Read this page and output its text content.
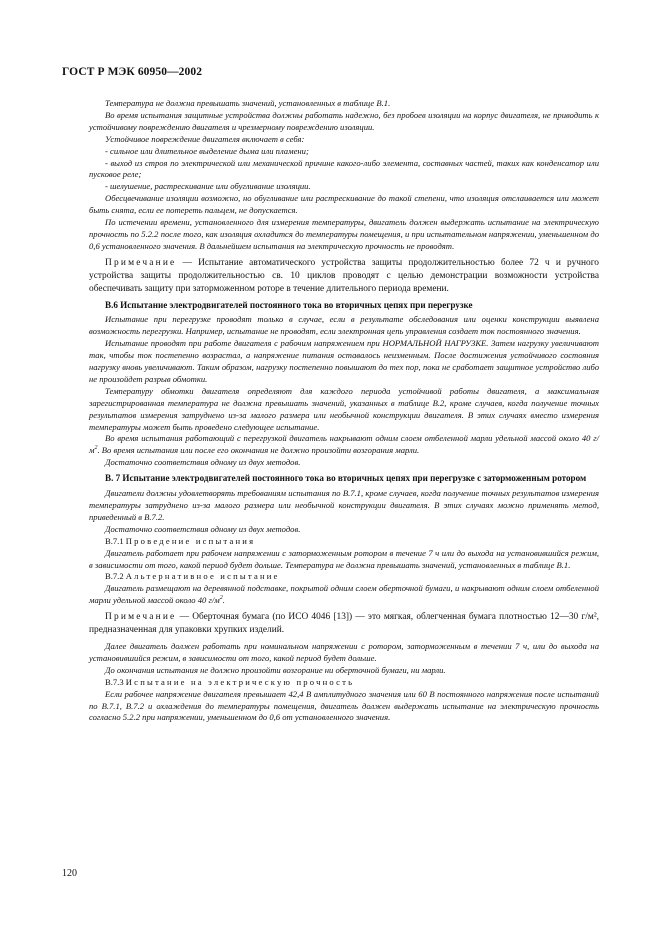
ГОСТ Р МЭК 60950—2002

Температура не должна превышать значений, установленных в таблице В.1.

Во время испытания защитные устройства должны работать надежно, без пробоев изоляции на корпус двигателя, не приводить к устойчивому повреждению двигателя и чрезмерному повреждению изоляции.

Устойчивое повреждение двигателя включает в себя:

- сильное или длительное выделение дыма или пламени;

- выход из строя по электрической или механической причине какого-либо элемента, составных частей, таких как конденсатор или пусковое реле;

- шелушение, растрескивание или обугливание изоляции.

Обесцвечивание изоляции возможно, но обугливание или растрескивание до такой степени, что изоляция отслаивается или может быть снята, если ее потереть пальцем, не допускается.

По истечении времени, установленного для измерения температуры, двигатель должен выдержать испытание на электрическую прочность по 5.2.2 после того, как изоляция охладится до температуры помещения, и при испытательном напряжении, уменьшенном до 0,6 установленного значения. В дальнейшем испытания на электрическую прочность не проводят.

Примечание — Испытание автоматического устройства защиты продолжительностью более 72 ч и ручного устройства защиты продолжительностью св. 10 циклов проводят с целью демонстрации возможности устройства обеспечивать защиту при заторможенном роторе в течение длительного периода времени.

В.6 Испытание электродвигателей постоянного тока во вторичных цепях при перегрузке

Испытание при перегрузке проводят только в случае, если в результате обследования или оценки конструкции выявлена возможность перегрузки. Например, испытание не проводят, если электронная цепь управления создает ток постоянного значения.

Испытание проводят при работе двигателя с рабочим напряжением при НОРМАЛЬНОЙ НАГРУЗКЕ. Затем нагрузку увеличивают так, чтобы ток постепенно возрастал, а напряжение питания оставалось неизменным. После достижения устойчивого состояния нагрузку вновь увеличивают. Таким образом, нагрузку постепенно повышают до тех пор, пока не сработает защитное устройство либо не произойдет разрыв обмотки.

Температуру обмотки двигателя определяют для каждого периода устойчивой работы двигателя, а максимальная зарегистрированная температура не должна превышать значений, указанных в таблице В.2, кроме случаев, когда получение точных результатов измерения затруднено из-за малого размера или необычной конструкции двигателя. В этих случаях вместо измерения температуры может быть проведено следующее испытание.

Во время испытания работающий с перегрузкой двигатель накрывают одним слоем отбеленной марли удельной массой около 40 $г/м^2$. Во время испытания или после его окончания не должно произойти возгорания марли.

Достаточно соответствия одному из двух методов.

В. 7 Испытание электродвигателей постоянного тока во вторичных цепях при перегрузке с заторможенным ротором

Двигатели должны удовлетворять требованиям испытания по В.7.1, кроме случаев, когда получение точных результатов измерения температуры затруднено из-за малого размера или необычной конструкции двигателя. В этих случаях можно применять метод, приведенный в В.7.2.

Достаточно соответствия одному из двух методов.

В.7.1 Проведение испытания

Двигатель работает при рабочем напряжении с заторможенным ротором в течение 7 ч или до выхода на установившийся режим, в зависимости от того, какой период будет дольше. Температура не должна превышать значений, установленных в таблице В.1.

В.7.2 Альтернативное испытание

Двигатель размещают на деревянной подставке, покрытой одним слоем оберточной бумаги, и накрывают одним слоем отбеленной марли удельной массой около 40 $г/м^2$.

Примечание — Оберточная бумага (по ИСО 4046 [13]) — это мягкая, облегченная бумага плотностью 12—30 г/м², предназначенная для упаковки хрупких изделий.

Далее двигатель должен работать при номинальном напряжении с ротором, заторможенным в течении 7 ч, или до выхода на установившийся режим, в зависимости от того, какой период будет дольше.

До окончания испытания не должно произойти возгорание ни оберточной бумаги, ни марли.

В.7.3 Испытание на электрическую прочность

Если рабочее напряжение двигателя превышает 42,4 В амплитудного значения или 60 В постоянного напряжения после испытаний по В.7.1, В.7.2 и охлаждения до температуры помещения, двигатель должен выдержать испытание на электрическую прочность согласно 5.2.2 при напряжении, уменьшенном до 0,6 от установленного значения.

120
